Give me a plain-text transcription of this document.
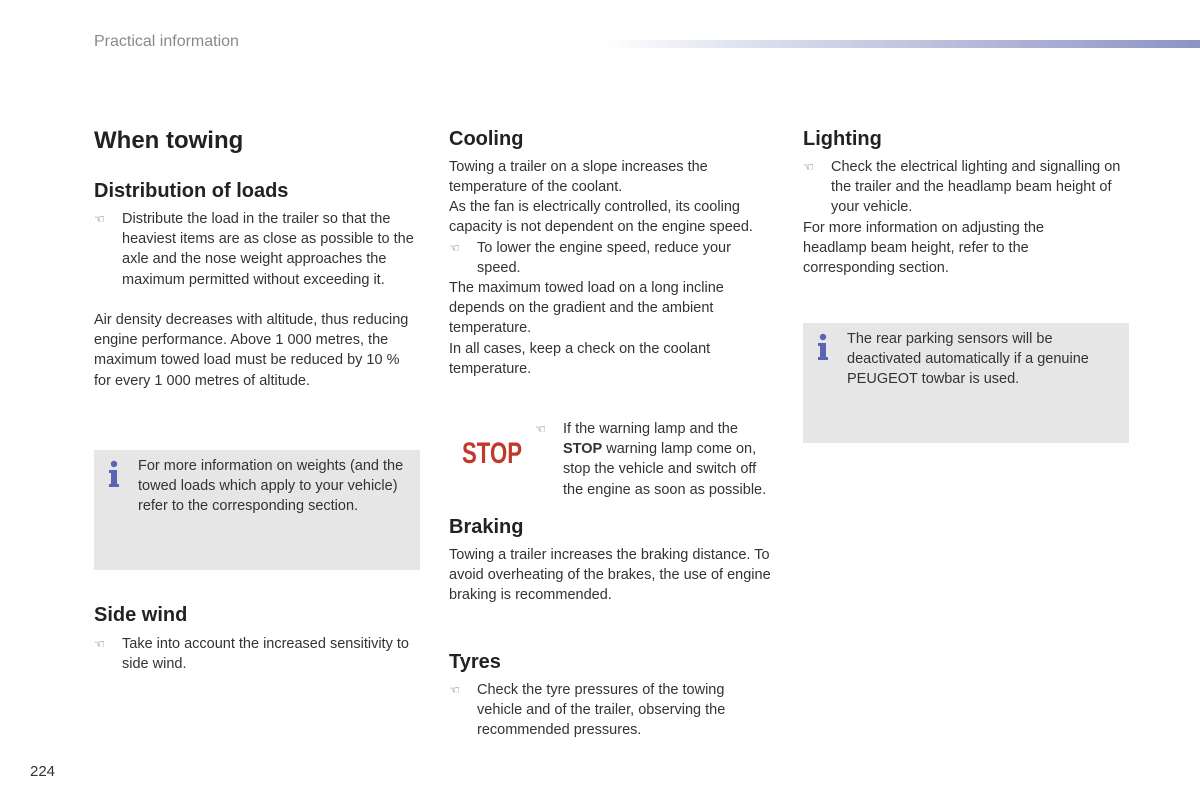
Practical information
When towing
Distribution of loads
☜ Distribute the load in the trailer so that the heaviest items are as close as possible to the axle and the nose weight approaches the maximum permitted without exceeding it.

Air density decreases with altitude, thus reducing engine performance. Above 1 000 metres, the maximum towed load must be reduced by 10 % for every 1 000 metres of altitude.

For more information on weights (and the towed loads which apply to your vehicle) refer to the corresponding section.
Side wind
☜ Take into account the increased sensitivity to side wind.
Cooling

Towing a trailer on a slope increases the temperature of the coolant.

As the fan is electrically controlled, its cooling capacity is not dependent on the engine speed.

☜ To lower the engine speed, reduce your speed.

The maximum towed load on a long incline depends on the gradient and the ambient temperature.

In all cases, keep a check on the coolant temperature.

STOP
☜ If the warning lamp and the STOP warning lamp come on, stop the vehicle and switch off the engine as soon as possible.
Braking

Towing a trailer increases the braking distance. To avoid overheating of the brakes, the use of engine braking is recommended.

Tyres
☜ Check the tyre pressures of the towing vehicle and of the trailer, observing the recommended pressures.
Lighting
☜ Check the electrical lighting and signalling on the trailer and the headlamp beam height of your vehicle.

For more information on adjusting the headlamp beam height, refer to the corresponding section.

The rear parking sensors will be deactivated automatically if a genuine PEUGEOT towbar is used.
224
